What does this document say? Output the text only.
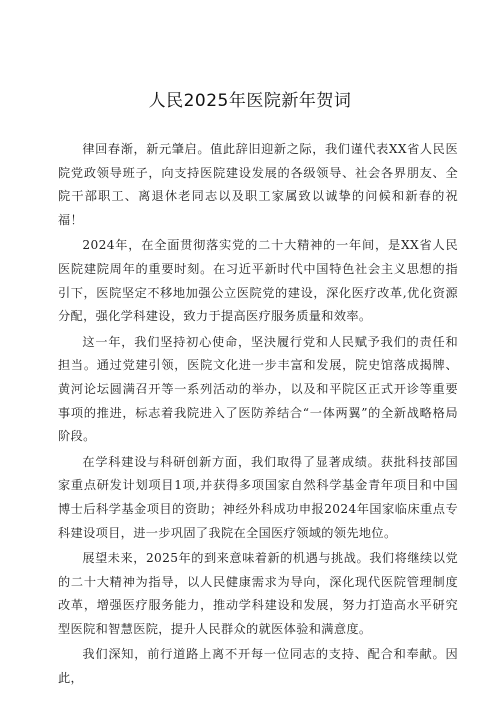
人民2025年医院新年贺词

律回春渐，新元肇启。值此辞旧迎新之际，我们谨代表XX省人民医院党政领导班子，向支持医院建设发展的各级领导、社会各界朋友、全院干部职工、离退休老同志以及职工家属致以诚挚的问候和新春的祝福！

2024年，在全面贯彻落实党的二十大精神的一年间，是XX省人民医院建院周年的重要时刻。在习近平新时代中国特色社会主义思想的指引下，医院坚定不移地加强公立医院党的建设，深化医疗改革,优化资源分配，强化学科建设，致力于提高医疗服务质量和效率。

这一年，我们坚持初心使命，坚決履行党和人民赋予我们的责任和担当。通过党建引领，医院文化进一步丰富和发展，院史馆落成揭牌、黄河论坛圆满召开等一系列活动的举办，以及和平院区正式开诊等重要事项的推进，标志着我院进入了医防养结合“一体两翼”的全新战略格局阶段。

在学科建设与科研创新方面，我们取得了显著成绩。获批科技部国家重点研发计划项目1项,并获得多项国家自然科学基金青年项目和中国博士后科学基金项目的资助；神经外科成功申报2024年国家临床重点专科建设项目，进一步巩固了我院在全国医疗领域的领先地位。

展望未来，2025年的到来意味着新的机遇与挑战。我们将继续以党的二十大精神为指导，以人民健康需求为导向，深化现代医院管理制度改革，增强医疗服务能力，推动学科建设和发展，努力打造高水平研究型医院和智慧医院，提升人民群众的就医体验和满意度。

我们深知，前行道路上离不开每一位同志的支持、配合和奉献。因此，
